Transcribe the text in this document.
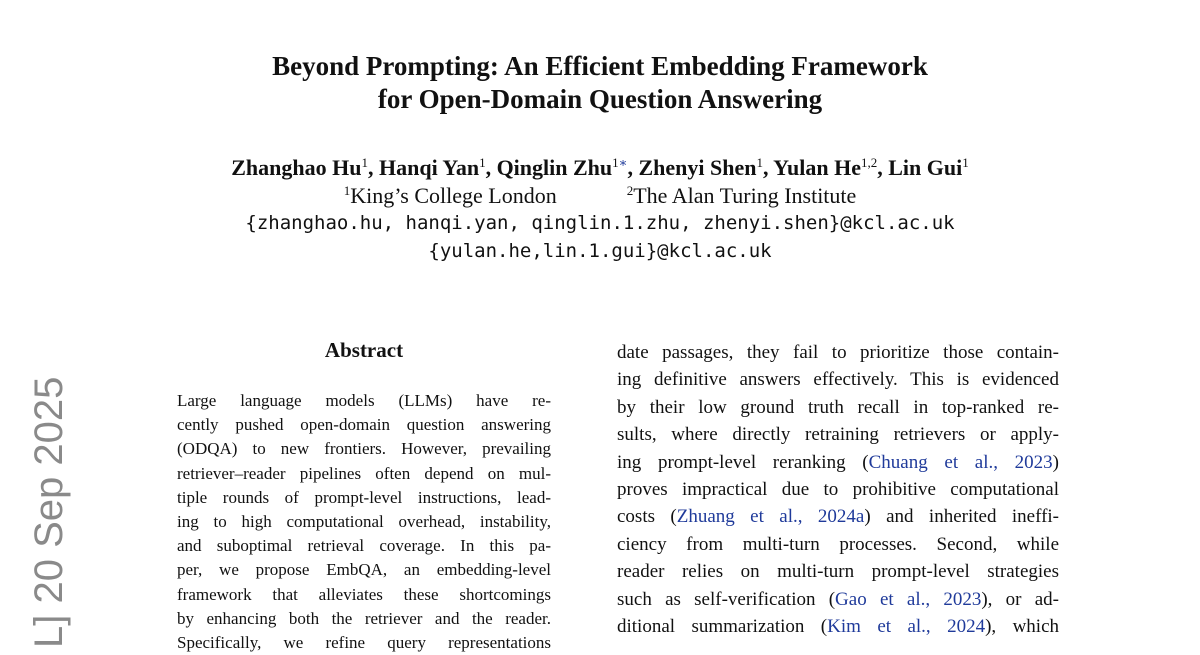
Beyond Prompting: An Efficient Embedding Framework
for Open-Domain Question Answering
Zhanghao Hu$^1$, Hanqi Yan$^1$, Qinglin Zhu$^{1∗}$, Zhenyi Shen$^1$, Yulan He$^{1,2}$, Lin Gui$^1$
$^1$King’s College London	$^2$The Alan Turing Institute
{zhanghao.hu, hanqi.yan, qinglin.1.zhu, zhenyi.shen}@kcl.ac.uk
{yulan.he,lin.1.gui}@kcl.ac.uk
L] 20 Sep 2025
Abstract
Large language models (LLMs) have re-
cently pushed open-domain question answering
(ODQA) to new frontiers. However, prevailing
retriever–reader pipelines often depend on mul-
tiple rounds of prompt-level instructions, lead-
ing to high computational overhead, instability,
and suboptimal retrieval coverage. In this pa-
per, we propose EmbQA, an embedding-level
framework that alleviates these shortcomings
by enhancing both the retriever and the reader.
Specifically, we refine query representations
date passages, they fail to prioritize those contain-
ing definitive answers effectively. This is evidenced
by their low ground truth recall in top-ranked re-
sults, where directly retraining retrievers or apply-
ing prompt-level reranking (Chuang et al., 2023)
proves impractical due to prohibitive computational
costs (Zhuang et al., 2024a) and inherited ineffi-
ciency from multi-turn processes. Second, while
reader relies on multi-turn prompt-level strategies
such as self-verification (Gao et al., 2023), or ad-
ditional summarization (Kim et al., 2024), which
